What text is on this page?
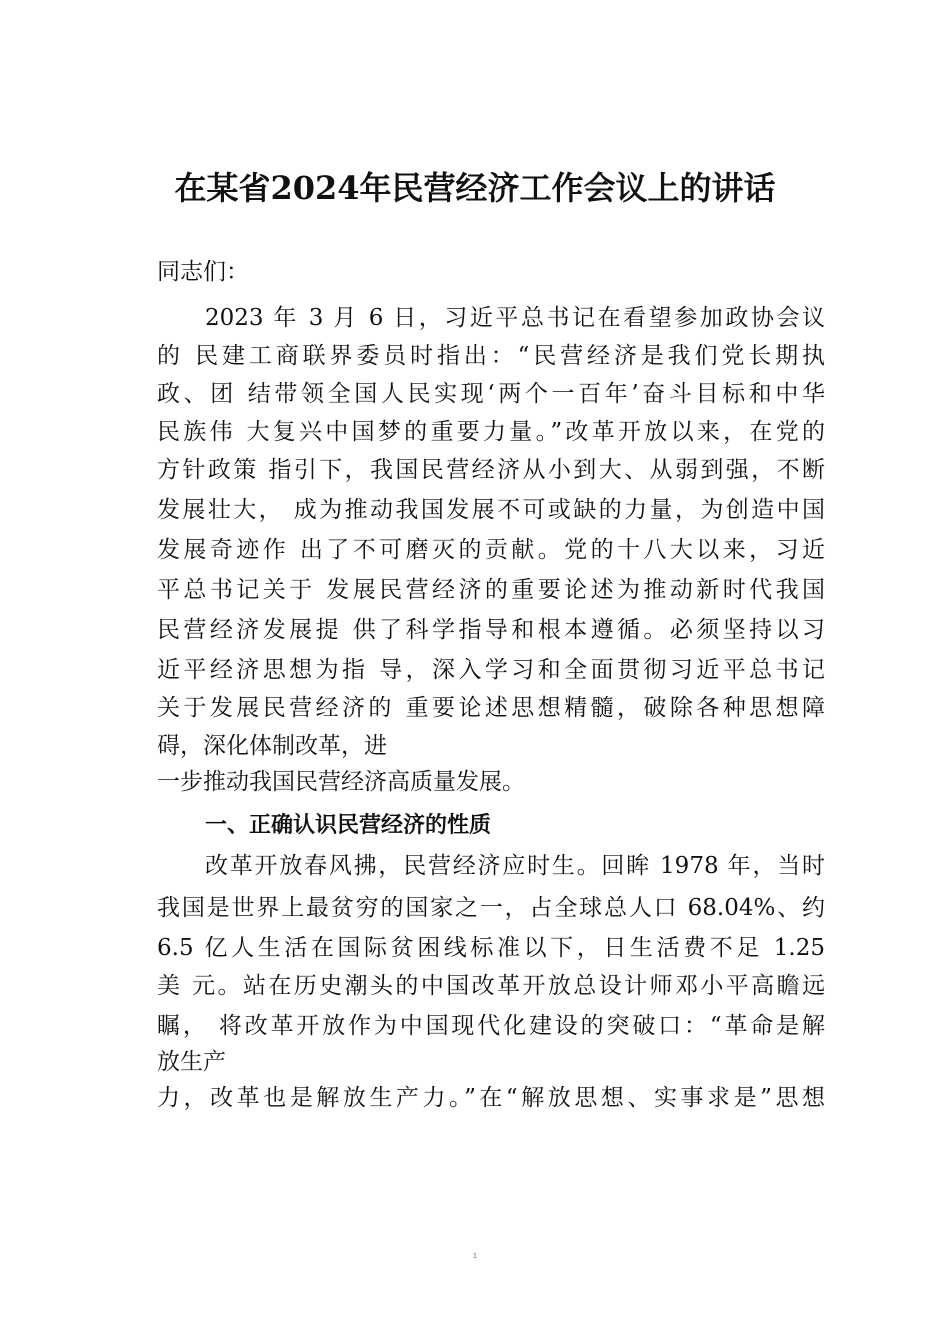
在某省2024年民营经济工作会议上的讲话
同志们：
2023 年 3 月 6 日，习近平总书记在看望参加政协会议
的 民建工商联界委员时指出：“民营经济是我们党长期执
政、团 结带领全国人民实现‘两个一百年’奋斗目标和中华
民族伟 大复兴中国梦的重要力量。”改革开放以来，在党的
方针政策 指引下，我国民营经济从小到大、从弱到强，不断
发展壮大， 成为推动我国发展不可或缺的力量，为创造中国
发展奇迹作 出了不可磨灭的贡献。党的十八大以来，习近
平总书记关于 发展民营经济的重要论述为推动新时代我国
民营经济发展提 供了科学指导和根本遵循。必须坚持以习
近平经济思想为指 导，深入学习和全面贯彻习近平总书记
关于发展民营经济的 重要论述思想精髓，破除各种思想障
碍，深化体制改革，进
一步推动我国民营经济高质量发展。
一、正确认识民营经济的性质
改革开放春风拂，民营经济应时生。回眸 1978 年，当时
我国是世界上最贫穷的国家之一，占全球总人口 68.04%、约
6.5 亿人生活在国际贫困线标准以下，日生活费不足 1.25
美 元。站在历史潮头的中国改革开放总设计师邓小平高瞻远
瞩， 将改革开放作为中国现代化建设的突破口：“革命是解
放生产
力，改革也是解放生产力。”在“解放思想、实事求是”思想
1
